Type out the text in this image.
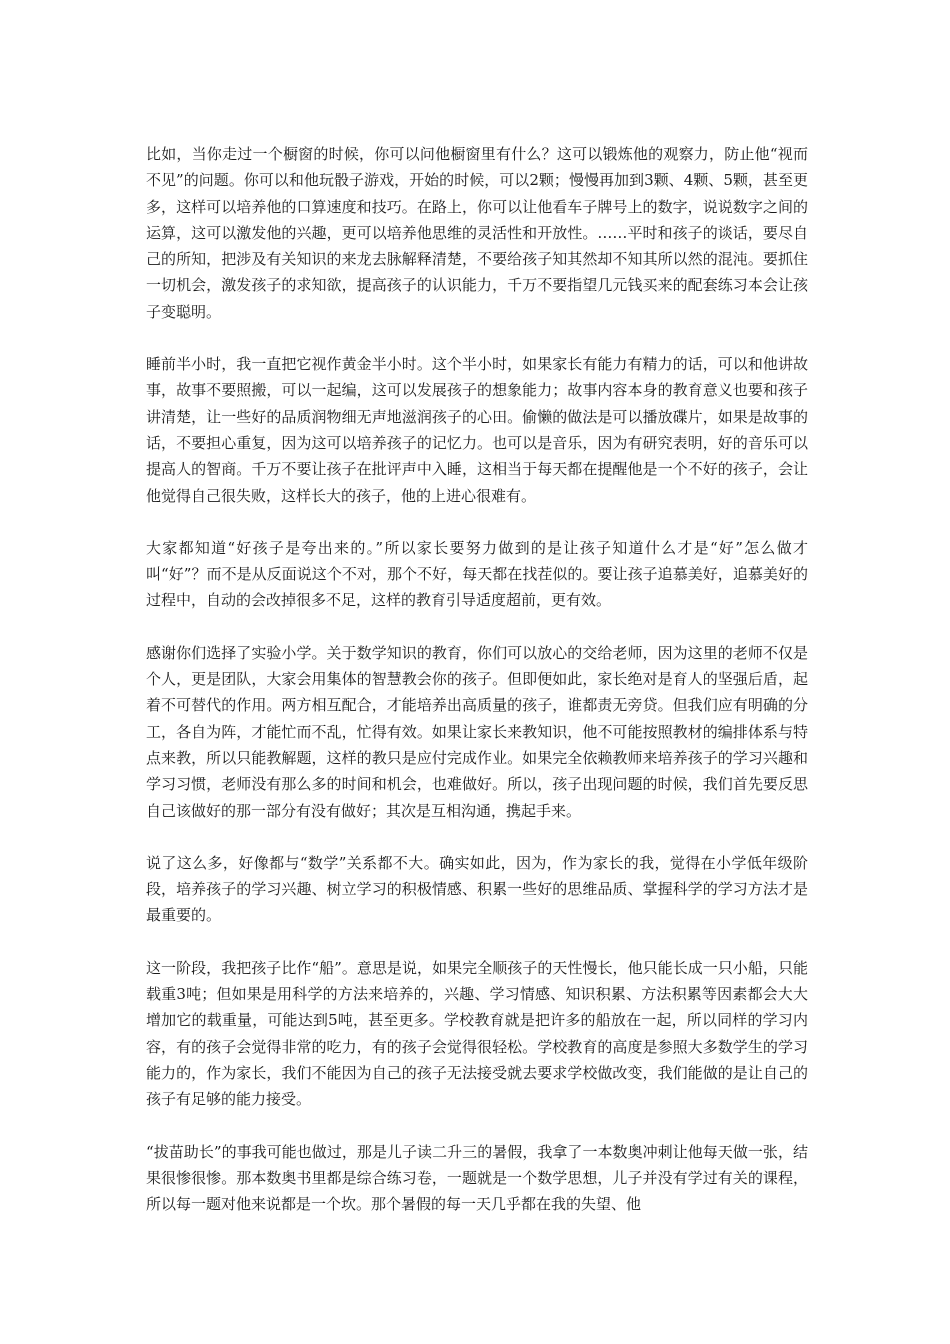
比如，当你走过一个橱窗的时候，你可以问他橱窗里有什么？这可以锻炼他的观察力，防止他“视而不见”的问题。你可以和他玩骰子游戏，开始的时候，可以2颗；慢慢再加到3颗、4颗、5颗，甚至更多，这样可以培养他的口算速度和技巧。在路上，你可以让他看车子牌号上的数字，说说数字之间的运算，这可以激发他的兴趣，更可以培养他思维的灵活性和开放性。……平时和孩子的谈话，要尽自己的所知，把涉及有关知识的来龙去脉解释清楚，不要给孩子知其然却不知其所以然的混沌。要抓住一切机会，激发孩子的求知欲，提高孩子的认识能力，千万不要指望几元钱买来的配套练习本会让孩子变聪明。

睡前半小时，我一直把它视作黄金半小时。这个半小时，如果家长有能力有精力的话，可以和他讲故事，故事不要照搬，可以一起编，这可以发展孩子的想象能力；故事内容本身的教育意义也要和孩子讲清楚，让一些好的品质润物细无声地滋润孩子的心田。偷懒的做法是可以播放碟片，如果是故事的话，不要担心重复，因为这可以培养孩子的记忆力。也可以是音乐，因为有研究表明，好的音乐可以提高人的智商。千万不要让孩子在批评声中入睡，这相当于每天都在提醒他是一个不好的孩子，会让他觉得自己很失败，这样长大的孩子，他的上进心很难有。

大家都知道“好孩子是夸出来的。”所以家长要努力做到的是让孩子知道什么才是“好”怎么做才叫“好”？而不是从反面说这个不对，那个不好，每天都在找茬似的。要让孩子追慕美好，追慕美好的过程中，自动的会改掉很多不足，这样的教育引导适度超前，更有效。

感谢你们选择了实验小学。关于数学知识的教育，你们可以放心的交给老师，因为这里的老师不仅是个人，更是团队，大家会用集体的智慧教会你的孩子。但即便如此，家长绝对是育人的坚强后盾，起着不可替代的作用。两方相互配合，才能培养出高质量的孩子，谁都责无旁贷。但我们应有明确的分工，各自为阵，才能忙而不乱，忙得有效。如果让家长来教知识，他不可能按照教材的编排体系与特点来教，所以只能教解题，这样的教只是应付完成作业。如果完全依赖教师来培养孩子的学习兴趣和学习习惯，老师没有那么多的时间和机会，也难做好。所以，孩子出现问题的时候，我们首先要反思自己该做好的那一部分有没有做好；其次是互相沟通，携起手来。

说了这么多，好像都与“数学”关系都不大。确实如此，因为，作为家长的我，觉得在小学低年级阶段，培养孩子的学习兴趣、树立学习的积极情感、积累一些好的思维品质、掌握科学的学习方法才是最重要的。

这一阶段，我把孩子比作“船”。意思是说，如果完全顺孩子的天性慢长，他只能长成一只小船，只能载重3吨；但如果是用科学的方法来培养的，兴趣、学习情感、知识积累、方法积累等因素都会大大增加它的载重量，可能达到5吨，甚至更多。学校教育就是把许多的船放在一起，所以同样的学习内容，有的孩子会觉得非常的吃力，有的孩子会觉得很轻松。学校教育的高度是参照大多数学生的学习能力的，作为家长，我们不能因为自己的孩子无法接受就去要求学校做改变，我们能做的是让自己的孩子有足够的能力接受。

“拔苗助长”的事我可能也做过，那是儿子读二升三的暑假，我拿了一本数奥冲刺让他每天做一张，结果很惨很惨。那本数奥书里都是综合练习卷，一题就是一个数学思想，儿子并没有学过有关的课程，所以每一题对他来说都是一个坎。那个暑假的每一天几乎都在我的失望、他
